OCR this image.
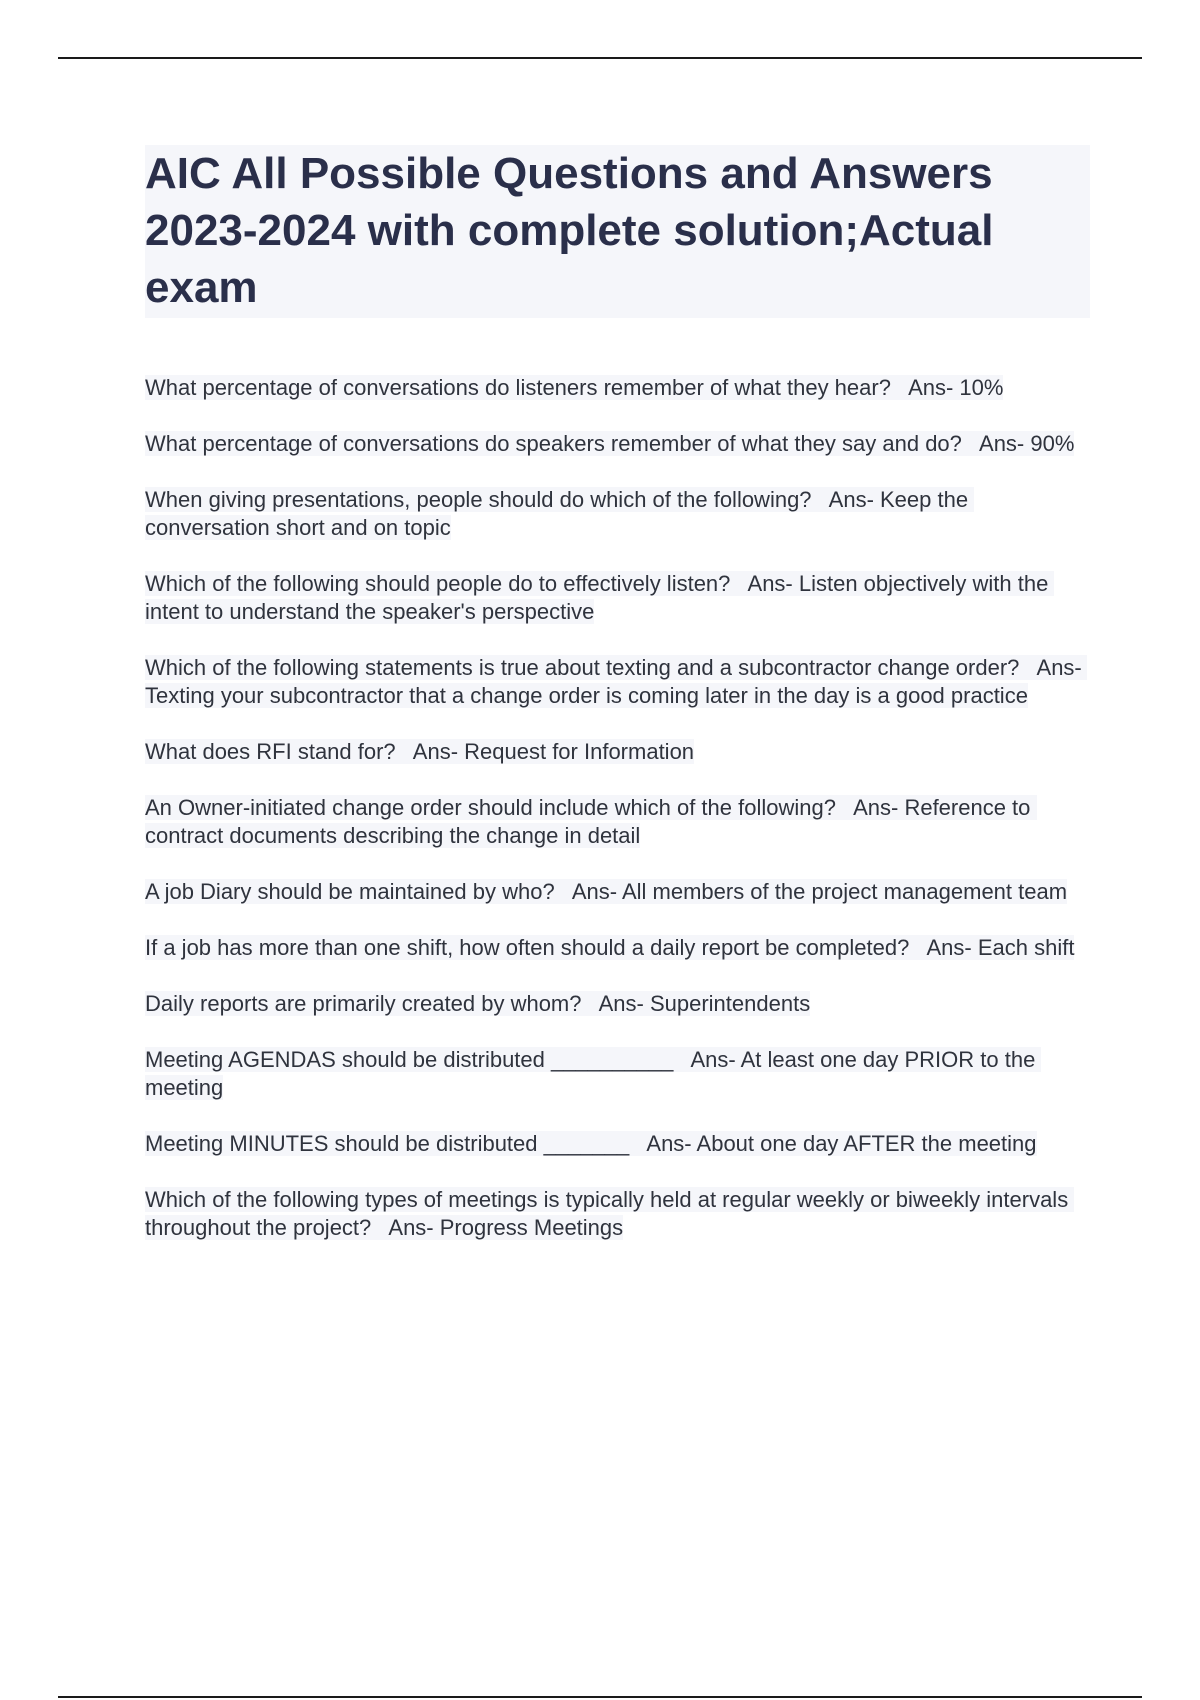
AIC All Possible Questions and Answers 2023-2024 with complete solution;Actual exam

What percentage of conversations do listeners remember of what they hear?   Ans- 10%

What percentage of conversations do speakers remember of what they say and do?   Ans- 90%

When giving presentations, people should do which of the following?   Ans- Keep the conversation short and on topic

Which of the following should people do to effectively listen?   Ans- Listen objectively with the intent to understand the speaker's perspective

Which of the following statements is true about texting and a subcontractor change order?   Ans- Texting your subcontractor that a change order is coming later in the day is a good practice

What does RFI stand for?   Ans- Request for Information

An Owner-initiated change order should include which of the following?   Ans- Reference to contract documents describing the change in detail

A job Diary should be maintained by who?   Ans- All members of the project management team

If a job has more than one shift, how often should a daily report be completed?   Ans- Each shift

Daily reports are primarily created by whom?   Ans- Superintendents

Meeting AGENDAS should be distributed __________   Ans- At least one day PRIOR to the meeting

Meeting MINUTES should be distributed _______   Ans- About one day AFTER the meeting

Which of the following types of meetings is typically held at regular weekly or biweekly intervals throughout the project?   Ans- Progress Meetings
